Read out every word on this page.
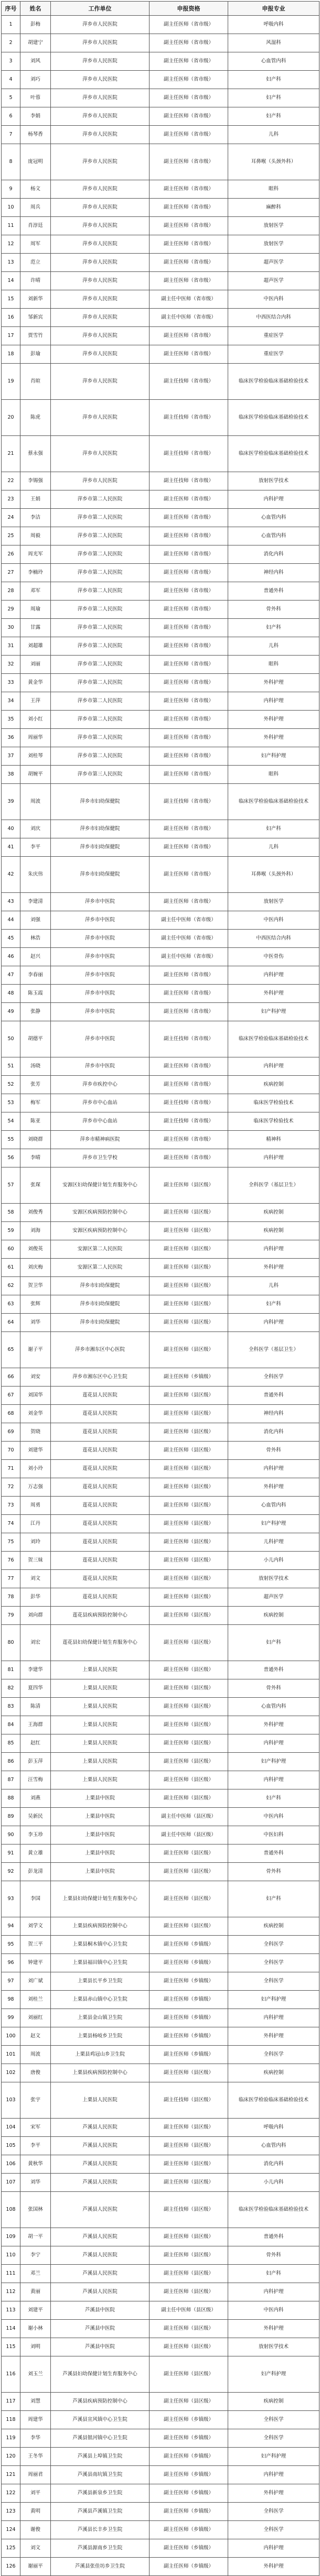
序号	姓名	工作单位	申报资格	申报专业
1	彭梅	萍乡市人民医院	副主任医师（省市级）	呼吸内科
2	胡建宁	萍乡市人民医院	副主任医师（省市级）	风湿科
3	刘风	萍乡市人民医院	副主任医师（省市级）	心血管内科
4	刘巧	萍乡市人民医院	副主任医师（省市级）	妇产科
5	叶蓉	萍乡市人民医院	副主任医师（省市级）	妇产科
6	李娟	萍乡市人民医院	副主任医师（省市级）	妇产科
7	杨琴香	萍乡市人民医院	副主任医师（省市级）	儿科
8	庞冠明	萍乡市人民医院	副主任医师（省市级）	耳鼻喉（头颈外科）
9	杨文	萍乡市人民医院	副主任医师（省市级）	眼科
10	周兵	萍乡市人民医院	副主任医师（省市级）	麻醉科
11	肖淳廷	萍乡市人民医院	副主任医师（省市级）	放射医学
12	周军	萍乡市人民医院	副主任医师（省市级）	放射医学
13	范立	萍乡市人民医院	副主任医师（省市级）	超声医学
14	许晴	萍乡市人民医院	副主任医师（省市级）	超声医学
15	刘新华	萍乡市人民医院	副主任中医师（省市级）	中医内科
16	邹新宾	萍乡市人民医院	副主任中医师（省市级）	中西医结合内科
17	贾雪竹	萍乡市人民医院	副主任医师（省市级）	重症医学
18	彭瑜	萍乡市人民医院	副主任医师（省市级）	重症医学
19	肖暄	萍乡市人民医院	副主任技师（省市级）	临床医学检验临床基础检验技术
20	陈虎	萍乡市人民医院	副主任技师（省市级）	临床医学检验临床基础检验技术
21	蔡永强	萍乡市人民医院	副主任技师（省市级）	临床医学检验临床基础检验技术
22	李锡强	萍乡市人民医院	副主任技师（省市级）	放射医学技术
23	王娟	萍乡市第二人民医院	副主任医师（省市级）	内科护理
24	李洁	萍乡市第二人民医院	副主任医师（省市级）	心血管内科
25	周毅	萍乡市第二人民医院	副主任医师（省市级）	心血管内科
26	周光军	萍乡市第二人民医院	副主任医师（省市级）	消化内科
27	李楠玲	萍乡市第二人民医院	副主任医师（省市级）	神经内科
28	邓军	萍乡市第二人民医院	副主任医师（省市级）	普通外科
29	周瑜	萍乡市第二人民医院	副主任医师（省市级）	骨外科
30	甘露	萍乡市第二人民医院	副主任医师（省市级）	妇产科
31	刘超雄	萍乡市第二人民医院	副主任医师（省市级）	儿科
32	刘丽	萍乡市第二人民医院	副主任医师（省市级）	眼科
33	黄金华	萍乡市第二人民医院	副主任医师（省市级）	外科护理
34	王萍	萍乡市第二人民医院	副主任医师（省市级）	内科护理
35	刘小红	萍乡市第二人民医院	副主任医师（省市级）	外科护理
36	周丽华	萍乡市第二人民医院	副主任医师（省市级）	外科护理
37	刘桂琴	萍乡市第二人民医院	副主任医师（省市级）	妇产科护理
38	胡婉平	萍乡市第三人民医院	副主任医师（省市级）	眼科
39	周波	萍乡市妇幼保健院	副主任技师（省市级）	临床医学检验临床基础检验技术
40	刘庆	萍乡市妇幼保健院	副主任医师（省市级）	妇产科
41	李平	萍乡市妇幼保健院	副主任医师（省市级）	儿科
42	朱庆伟	萍乡市妇幼保健院	副主任医师（省市级）	耳鼻喉（头颈外科）
43	李建清	萍乡市中医院	副主任医师（省市级）	放射医学
44	刘强	萍乡市中医院	副主任中医师（省市级）	中医内科
45	林浩	萍乡市中医院	副主任中医师（省市级）	中西医结合内科
46	赵兴	萍乡市中医院	副主任中医师（省市级）	中医骨伤
47	李春丽	萍乡市中医院	副主任医师（省市级）	内科护理
48	陈玉霞	萍乡市中医院	副主任医师（省市级）	外科护理
49	张静	萍乡市中医院	副主任医师（省市级）	妇产科护理
50	胡德平	萍乡市中医院	副主任技师（省市级）	临床医学检验临床基础检验技术
51	汤晓	萍乡市中医院	副主任医师（省市级）	内科护理
52	张芳	萍乡市疾控中心	副主任医师（省市级）	疾病控制
53	梅军	萍乡市中心血站	副主任技师（省市级）	临床医学检验技术
54	陈亚	萍乡市中心血站	副主任技师（省市级）	临床医学检验技术
55	刘晓群	萍乡市精神病医院	副主任医师（省市级）	精神科
56	李晴	萍乡市卫生学校	副主任医师（省市级）	内科护理
57	张琛	安源区妇幼保健计划生育服务中心	副主任医师（县区级）	全科医学（基层卫生）
58	刘俊秀	安源区疾病预防控制中心	副主任医师（县区级）	疾病控制
59	刘海	安源区疾病预防控制中心	副主任医师（县区级）	疾病控制
60	刘俊英	安源区第二人民医院	副主任医师（县区级）	内科护理
61	刘庆梅	安源区第二人民医院	副主任医师（县区级）	外科护理
62	贺卫华	萍乡市妇幼保健院	副主任医师（县区级）	儿科
63	张辉	萍乡市妇幼保健院	副主任医师（县区级）	妇产科
64	刘华	萍乡市妇幼保健院	副主任医师（县区级）	内科护理
65	谢子平	萍乡市湘东区中心医院	副主任医师（县区级）	全科医学（基层卫生）
66	刘安	萍乡市湘东区中心卫生院	副主任医师（乡镇级）	全科医学
67	刘国华	莲花县人民医院	副主任医师（县区级）	普通外科
68	刘金华	莲花县人民医院	副主任医师（县区级）	神经内科
69	贺晓	莲花县人民医院	副主任医师（县区级）	消化内科
70	刘建华	莲花县人民医院	副主任医师（县区级）	骨外科
71	刘小玲	莲花县人民医院	副主任医师（县区级）	内科护理
72	万志强	莲花县人民医院	副主任医师（县区级）	外科护理
73	周勇	莲花县人民医院	副主任医师（县区级）	心血管内科
74	江丹	莲花县人民医院	副主任医师（县区级）	妇产科护理
75	刘玲	莲花县人民医院	副主任医师（县区级）	儿科护理
76	贺三妹	莲花县人民医院	副主任医师（县区级）	小儿内科
77	刘文	莲花县人民医院	副主任医师（县区级）	放射医学技术
78	彭华	莲花县人民医院	副主任医师（县区级）	超声医学
79	刘向群	莲花县疾病预防控制中心	副主任医师（县区级）	疾病控制
80	刘宏	莲花县妇幼保健计划生育服务中心	副主任医师（县区级）	妇产科
81	李建华	上栗县人民医院	副主任医师（县区级）	普通外科
82	夏四华	上栗县人民医院	副主任医师（县区级）	骨外科
83	陈清	上栗县人民医院	副主任医师（县区级）	心血管内科
84	王海群	上栗县人民医院	副主任医师（县区级）	外科护理
85	赵红	上栗县人民医院	副主任医师（县区级）	内科护理
86	彭玉萍	上栗县人民医院	副主任医师（县区级）	妇产科护理
87	汪雪梅	上栗县人民医院	副主任医师（县区级）	内科护理
88	刘燕	上栗县中医院	副主任医师（县区级）	妇产科
89	吴新民	上栗县中医院	副主任中医师（县区级）	中医内科
90	李玉珍	上栗县中医院	副主任中医师（县区级）	中医妇科
91	黄立雄	上栗县中医院	副主任医师（县区级）	普通外科
92	彭龙清	上栗县中医院	副主任医师（县区级）	骨外科
93	李国	上栗县妇幼保健计划生育服务中心	副主任医师（县区级）	妇产科
94	刘学文	上栗县疾病预防控制中心	副主任医师（县区级）	疾病控制
95	贺三平	上栗县桐木镇中心卫生院	副主任医师（乡镇级）	全科医学
96	钟建平	上栗县福田镇中心卫生院	副主任医师（乡镇级）	全科医学
97	刘广斌	上栗县长平乡卫生院	副主任医师（乡镇级）	全科医学
98	刘桂兰	上栗县赤山镇中心卫生院	副主任医师（乡镇级）	妇产科护理
99	刘丽红	上栗县金山镇卫生院	副主任医师（乡镇级）	内科护理
100	赵文	上栗县杨岐乡卫生院	副主任医师（乡镇级）	外科护理
101	周波	上栗县鸡冠山乡卫生院	副主任医师（乡镇级）	全科医学
102	唐俊	上栗县疾病预防控制中心	副主任医师（县区级）	疾病控制
103	张宇	上栗县人民医院	副主任技师（县区级）	临床医学检验临床基础检验技术
104	宋军	芦溪县人民医院	副主任医师（县区级）	呼吸内科
105	李平	芦溪县人民医院	副主任医师（县区级）	心血管内科
106	黄秋华	芦溪县人民医院	副主任医师（县区级）	消化内科
107	刘华	芦溪县人民医院	副主任医师（县区级）	小儿内科
108	张国林	芦溪县人民医院	副主任技师（县区级）	临床医学检验临床基础检验技术
109	胡一平	芦溪县人民医院	副主任医师（县区级）	普通外科
110	李宁	芦溪县人民医院	副主任医师（县区级）	骨外科
111	邓兰	芦溪县人民医院	副主任医师（县区级）	妇产科
112	黄丽	芦溪县人民医院	副主任医师（县区级）	内科护理
113	刘建平	芦溪县中医院	副主任中医师（县区级）	中医内科
114	谢小林	芦溪县中医院	副主任医师（县区级）	外科护理
115	刘明	芦溪县中医院	副主任医师（县区级）	放射医学技术
116	刘玉兰	芦溪县妇幼保健计划生育服务中心	副主任医师（县区级）	妇产科护理
117	刘慧	芦溪县疾病预防控制中心	副主任医师（县区级）	疾病控制
118	周建华	芦溪县宣风镇中心卫生院	副主任医师（乡镇级）	全科医学
119	李华	芦溪县银河镇中心卫生院	副主任医师（乡镇级）	全科医学
120	王冬华	芦溪县上埠镇卫生院	副主任医师（乡镇级）	妇产科护理
121	周丽君	芦溪县南坑镇卫生院	副主任医师（乡镇级）	内科护理
122	刘平	芦溪县新泉乡卫生院	副主任医师（乡镇级）	外科护理
123	黄明	芦溪县芦溪镇卫生院	副主任医师（乡镇级）	全科医学
124	谢俊	芦溪县长丰乡卫生院	副主任医师（乡镇级）	全科医学
125	刘文	芦溪县源南乡卫生院	副主任医师（乡镇级）	内科护理
126	谢丽平	芦溪县张佳坊乡卫生院	副主任医师（乡镇级）	外科护理
